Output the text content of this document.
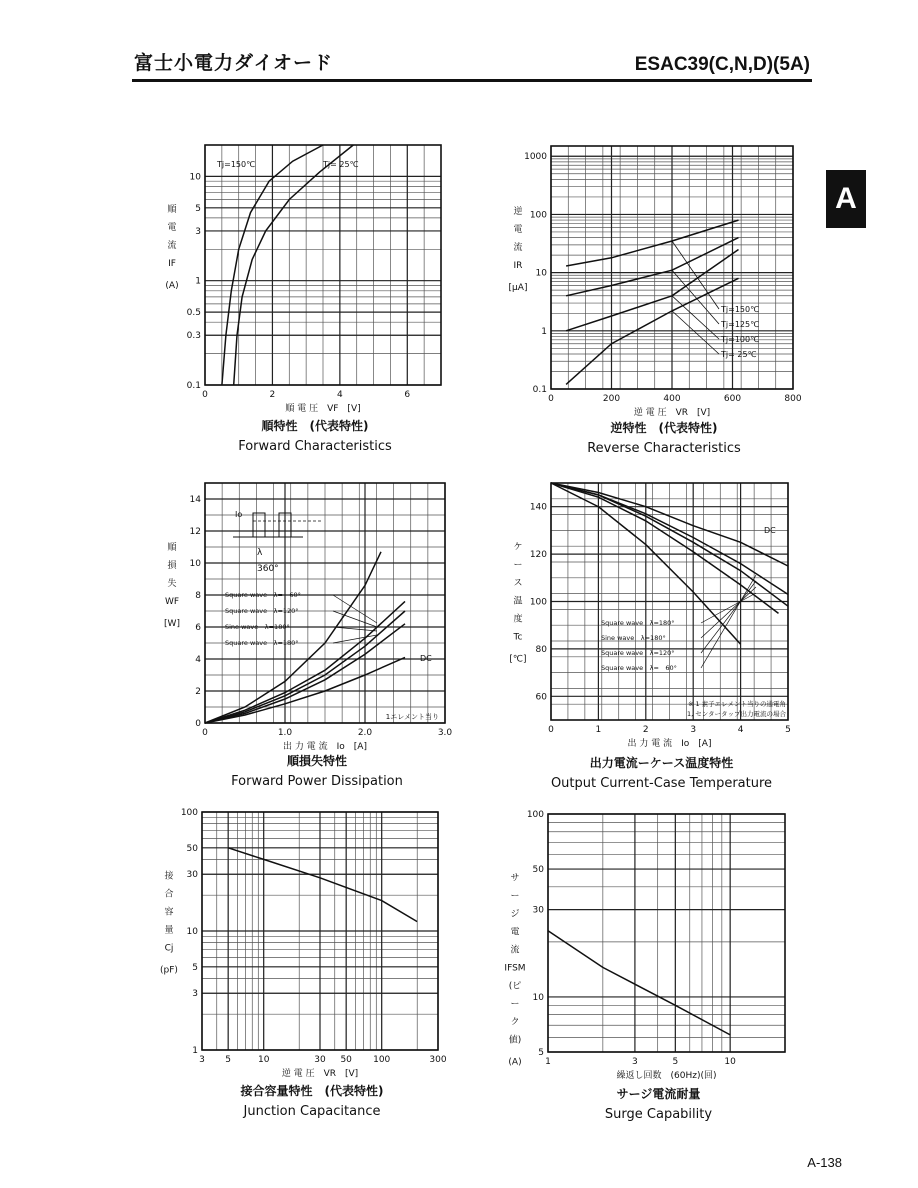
富士小電力ダイオード	ESAC39(C,N,D)(5A)
A
A-138
0	2	4	6
0.1
0.3
0.5
1
3
5
10
順 電 圧　VF　[V]
順
電
流
IF
(A)
順特性　(代表特性)
Forward Characteristics
Tj=150℃	Tj= 25℃
0	200	400	600	800
0.1
1
10
100
1000
逆 電 圧　VR　[V]
逆
電
流
IR
[μA]
逆特性　(代表特性)
Reverse Characteristics
Tj=150℃
Tj=125℃
Tj=100℃
Tj= 25℃
0	1.0	2.0	3.0
0
2
4
6
8
10
12
14
出 力 電 流　Io　[A]
順
損
失
WF
[W]
順損失特性
Forward Power Dissipation
Square wave　λ=　60°
Square wave　λ=120°
Sine wave　λ=180°
Square wave　λ=180°
DC
1エレメント当り
Io
λ
360°
0	1	2	3	4	5
60
80
100
120
140
出 力 電 流　Io　[A]
ケ
ー
ス
温
度
Tc
[℃]
出力電流ーケース温度特性
Output Current-Case Temperature
DC
Square wave　λ=180°
Sine wave　λ=180°
Square wave　λ=120°
Square wave　λ=　60°
※ 1 素子エレメント当りの通電角
1, センタータップ出力電流の場合
3 5	10	30 50 100	300
1
3
5
10
30
50
100
逆 電 圧　VR　[V]
接
合
容
量
Cj
(pF)
接合容量特性　(代表特性)
Junction Capacitance
1	3	5	10
5
10
30
50
100
繰返し回数　(60Hz)(回)
サ
ー
ジ
電
流
IFSM
(ピ
ー
ク
値)
(A)
サージ電流耐量
Surge Capability
